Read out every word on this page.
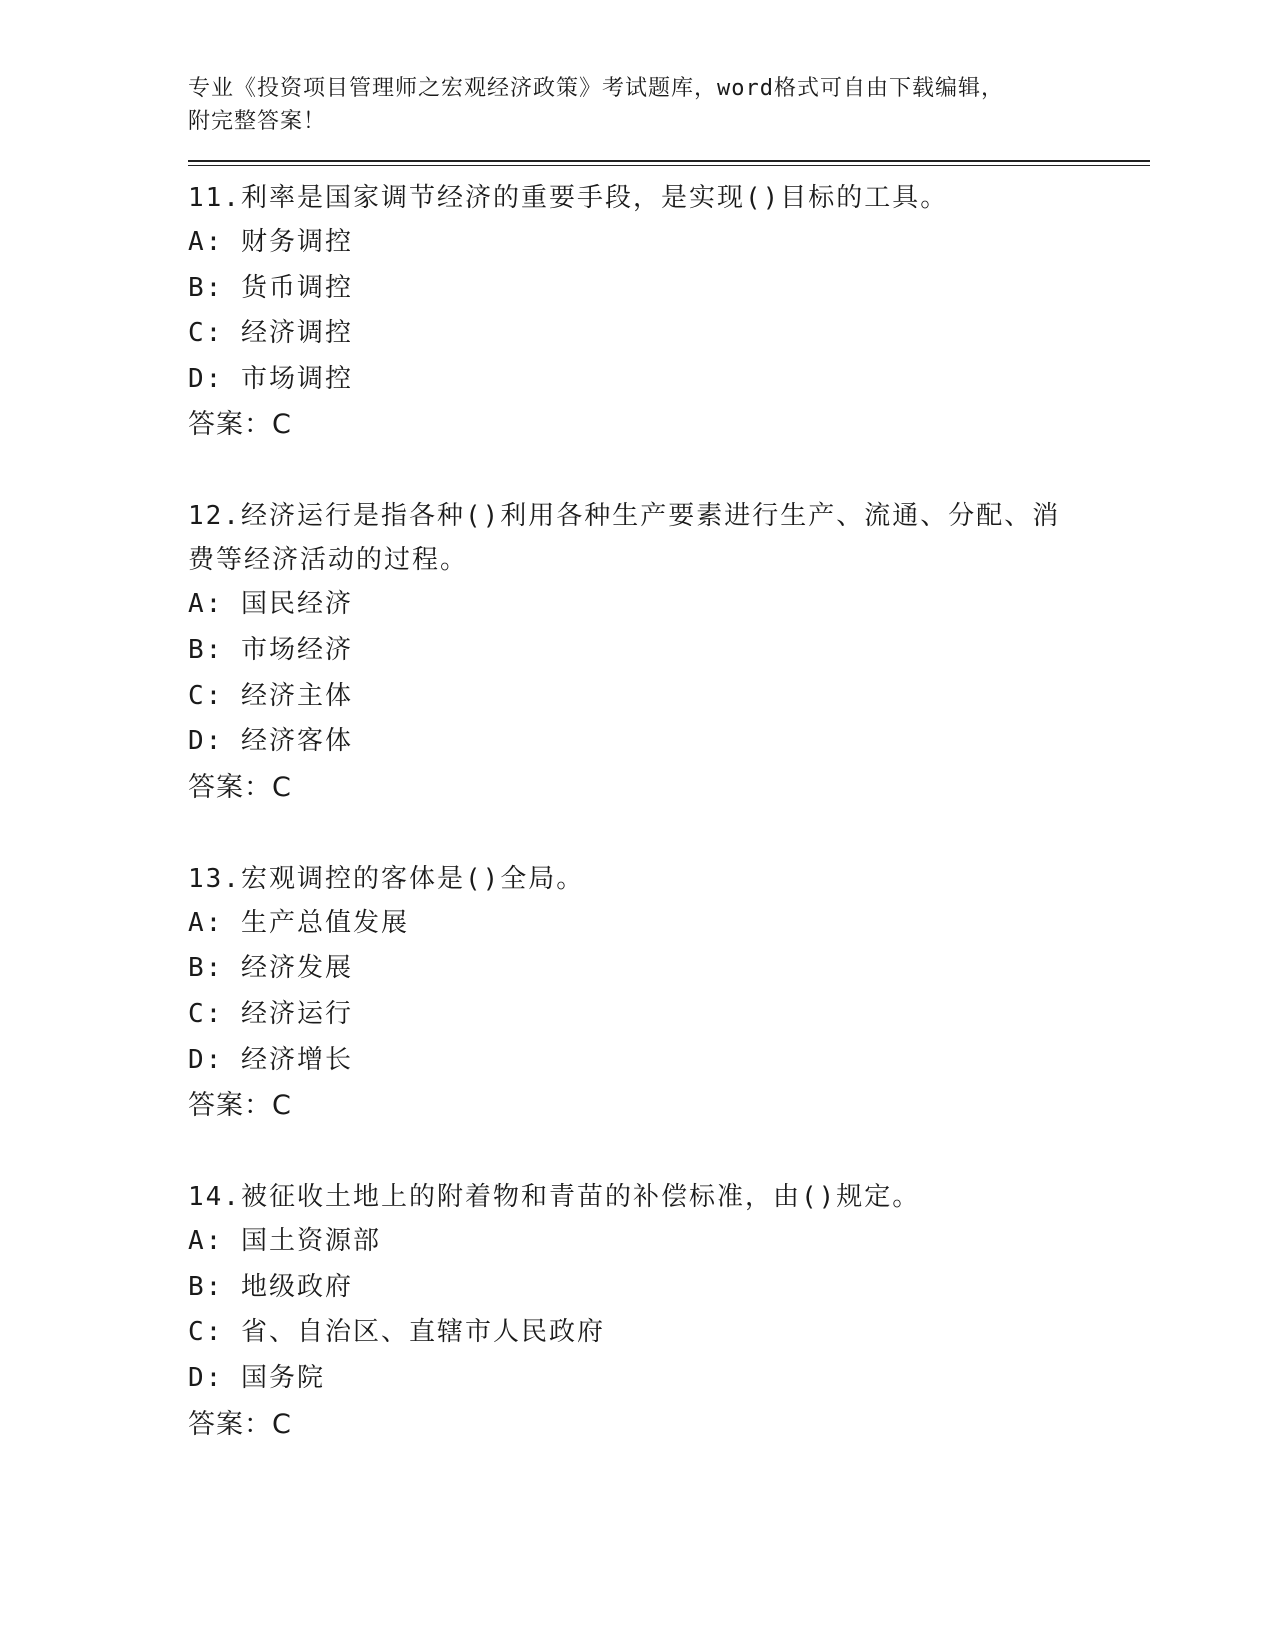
专业《投资项目管理师之宏观经济政策》考试题库，word格式可自由下载编辑，

附完整答案！

11.利率是国家调节经济的重要手段，是实现()目标的工具。

A: 财务调控

B: 货币调控

C: 经济调控

D: 市场调控

答案：C

12.经济运行是指各种()利用各种生产要素进行生产、流通、分配、消费等经济活动的过程。

A: 国民经济

B: 市场经济

C: 经济主体

D: 经济客体

答案：C

13.宏观调控的客体是()全局。

A: 生产总值发展

B: 经济发展

C: 经济运行

D: 经济增长

答案：C

14.被征收土地上的附着物和青苗的补偿标准，由()规定。

A: 国土资源部

B: 地级政府

C: 省、自治区、直辖市人民政府

D: 国务院

答案：C
